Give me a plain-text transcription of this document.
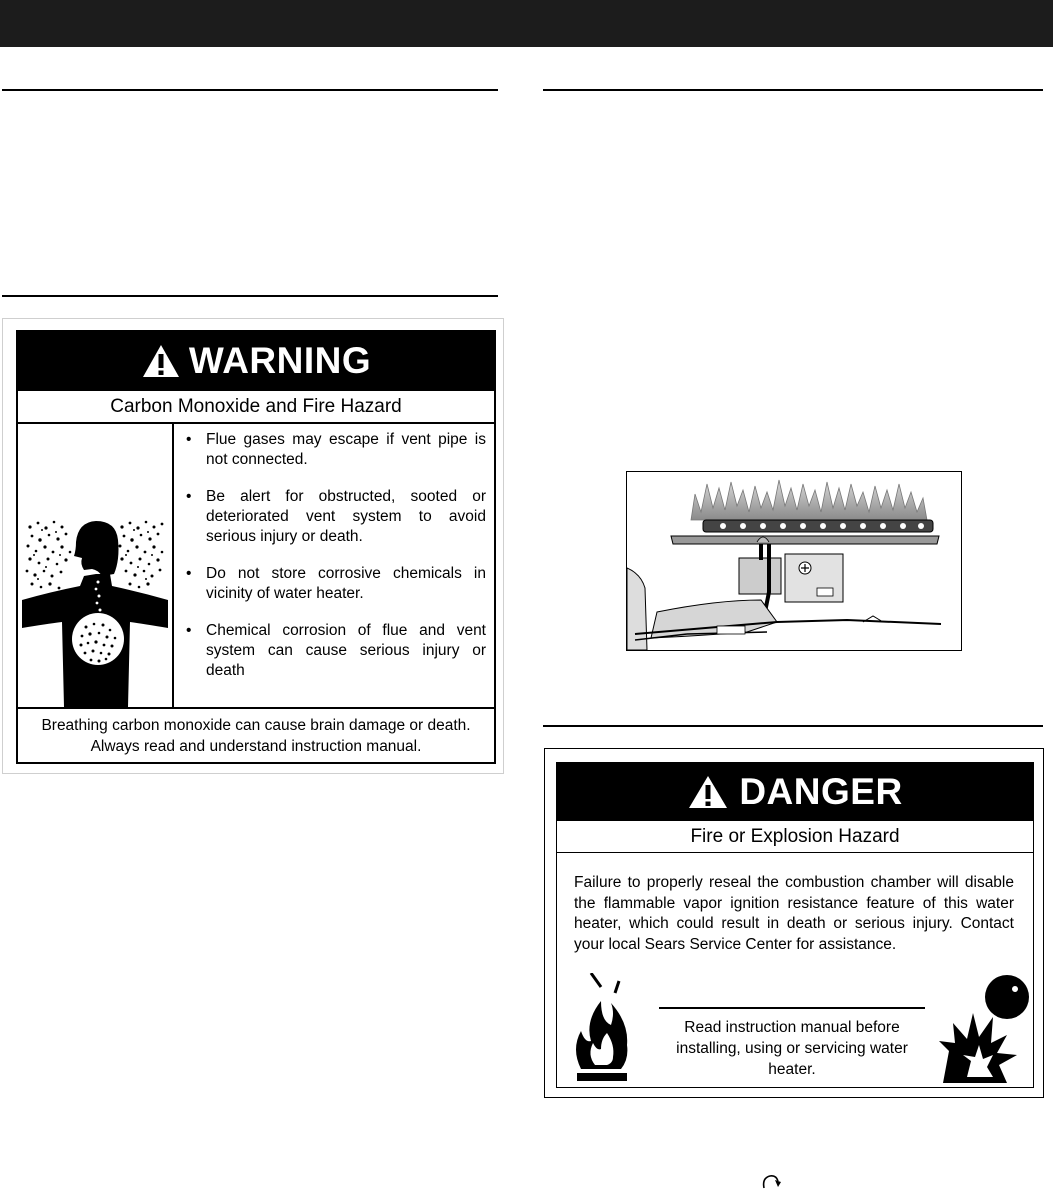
WARNING
Carbon Monoxide and Fire Hazard
• Flue gases may escape if vent pipe is not connected.
• Be alert for obstructed, sooted or deteriorated vent system to avoid serious injury or death.
• Do not store corrosive chemicals in vicinity of water heater.
• Chemical corrosion of flue and vent system can cause serious injury or death
Breathing carbon monoxide can cause brain damage or death. Always read and understand instruction manual.
DANGER
Fire or Explosion Hazard

Failure to properly reseal the combustion chamber will disable the flammable vapor ignition resistance feature of this water heater, which could result in death or serious injury. Contact your local Sears Service Center for assistance.

Read instruction manual before installing, using or servicing water heater.
